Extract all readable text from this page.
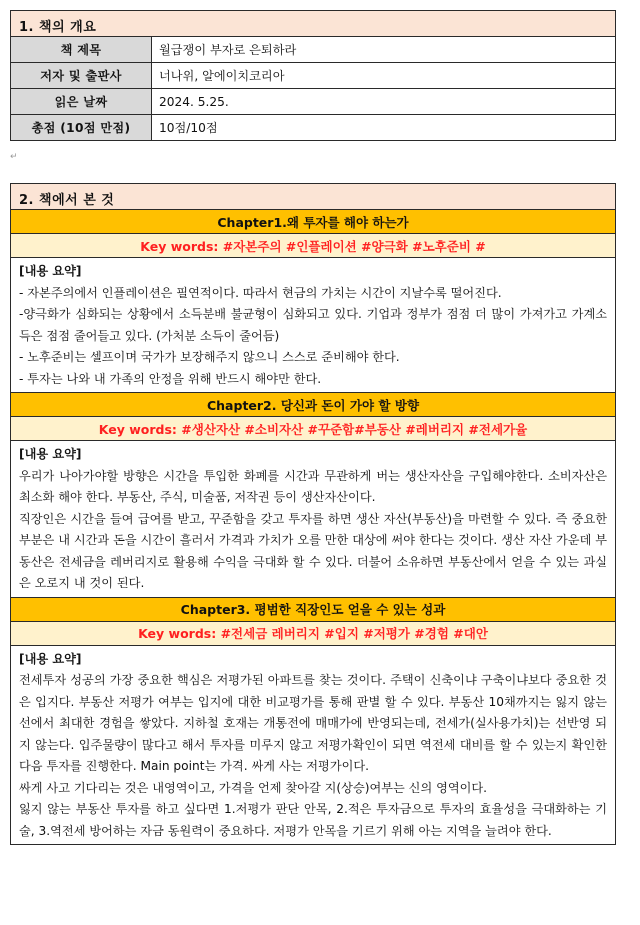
1. 책의 개요	
책 제목	월급쟁이 부자로 은퇴하라
저자 및 출판사	너나위, 알에이치코리아
읽은 날짜	2024. 5.25.
총점 (10점 만점)	10점/10점
↵
2. 책에서 본 것
Chapter1.왜 투자를 해야 하는가
Key words: #자본주의 #인플레이션 #양극화 #노후준비 #

[내용 요약]

- 자본주의에서 인플레이션은 필연적이다. 따라서 현금의 가치는 시간이 지날수록 떨어진다.

-양극화가 심화되는 상황에서 소득분배 불균형이 심화되고 있다. 기업과 정부가 점점 더 많이 가져가고 가계소득은 점점 줄어들고 있다. (가처분 소득이 줄어듬)

- 노후준비는 셀프이며 국가가 보장해주지 않으니 스스로 준비해야 한다.

- 투자는 나와 내 가족의 안정을 위해 반드시 해야만 한다.

Chapter2. 당신과 돈이 가야 할 방향
Key words: #생산자산 #소비자산 #꾸준함#부동산 #레버리지 #전세가율

[내용 요약]

우리가 나아가야할 방향은 시간을 투입한 화폐를 시간과 무관하게 버는 생산자산을 구입해야한다. 소비자산은 최소화 해야 한다. 부동산, 주식, 미술품, 저작권 등이 생산자산이다.

직장인은 시간을 들여 급여를 받고, 꾸준함을 갖고 투자를 하면 생산 자산(부동산)을 마련할 수 있다. 즉 중요한 부분은 내 시간과 돈을 시간이 흘러서 가격과 가치가 오를 만한 대상에 써야 한다는 것이다. 생산 자산 가운데 부동산은 전세금을 레버리지로 활용해 수익을 극대화 할 수 있다. 더불어 소유하면 부동산에서 얻을 수 있는 과실은 오로지 내 것이 된다.

Chapter3. 평범한 직장인도 얻을 수 있는 성과
Key words: #전세금 레버리지 #입지 #저평가 #경험 #대안

[내용 요약]

전세투자 성공의 가장 중요한 핵심은 저평가된 아파트를 찾는 것이다. 주택이 신축이냐 구축이냐보다 중요한 것은 입지다. 부동산 저평가 여부는 입지에 대한 비교평가를 통해 판별 할 수 있다. 부동산 10채까지는 잃지 않는 선에서 최대한 경험을 쌓았다. 지하철 호재는 개통전에 매매가에 반영되는데, 전세가(실사용가치)는 선반영 되지 않는다. 입주물량이 많다고 해서 투자를 미루지 않고 저평가확인이 되면 역전세 대비를 할 수 있는지 확인한 다음 투자를 진행한다. Main point는 가격. 싸게 사는 저평가이다.

싸게 사고 기다리는 것은 내영역이고, 가격을 언제 찾아갈 지(상승)여부는 신의 영역이다.

잃지 않는 부동산 투자를 하고 싶다면 1.저평가 판단 안목, 2.적은 투자금으로 투자의 효율성을 극대화하는 기술, 3.역전세 방어하는 자금 동원력이 중요하다. 저평가 안목을 기르기 위해 아는 지역을 늘려야 한다.
